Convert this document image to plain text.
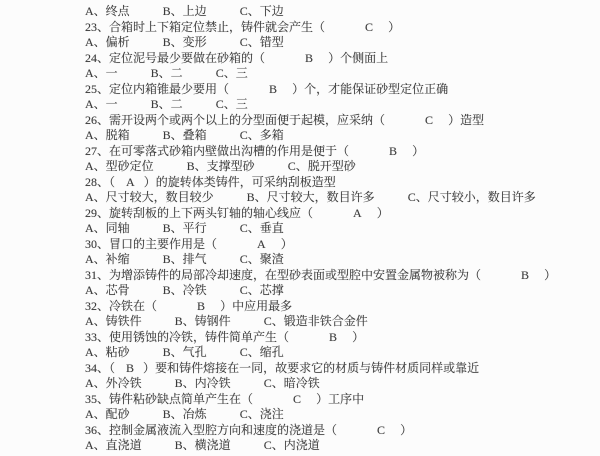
A、终点	B、上边	C、下边
23、合箱时上下箱定位禁止，铸件就会产生（	C ）
A、偏析	B、变形	C、错型
24、定位泥号最少要做在砂箱的（	B ）个侧面上
A、一	B、二	C、三
25、定位内箱锥最少要用（	B ）个，才能保证砂型定位正确
A、一	B、二	C、三
26、需开设两个或两个以上的分型面便于起模，应采纳（	C ）造型
A、脱箱	B、叠箱	C、多箱
27、在可零落式砂箱内壁做出沟槽的作用是便于（	B ）
A、型砂定位	B、支撑型砂	C、脱开型砂
28、（ A ）的旋转体类铸件，可采纳刮板造型
A、尺寸较大，数目较少	B、尺寸较大，数目许多	C、尺寸较小，数目许多
29、旋转刮板的上下两头钉轴的轴心线应（	A ）
A、同轴	B、平行	C、垂直
30、冒口的主要作用是（	A ）
A、补缩	B、排气	C、聚渣
31、为增添铸件的局部冷却速度，在型砂表面或型腔中安置金属物被称为（	B ）
A、芯骨	B、冷铁	C、芯撑
32、冷铁在（	B ）中应用最多
A、铸铁件	B、铸钢件	C、锻造非铁合金件
33、使用锈蚀的冷铁，铸件简单产生（	B ）
A、粘砂	B、气孔	C、缩孔
34、（ B ）要和铸件熔接在一同，故要求它的材质与铸件材质同样或靠近
A、外冷铁	B、内冷铁	C、暗冷铁
35、铸件粘砂缺点简单产生在（	C ）工序中
A、配砂	B、冶炼	C、浇注
36、控制金属液流入型腔方向和速度的浇道是（	C ）
A、直浇道	B、横浇道	C、内浇道
